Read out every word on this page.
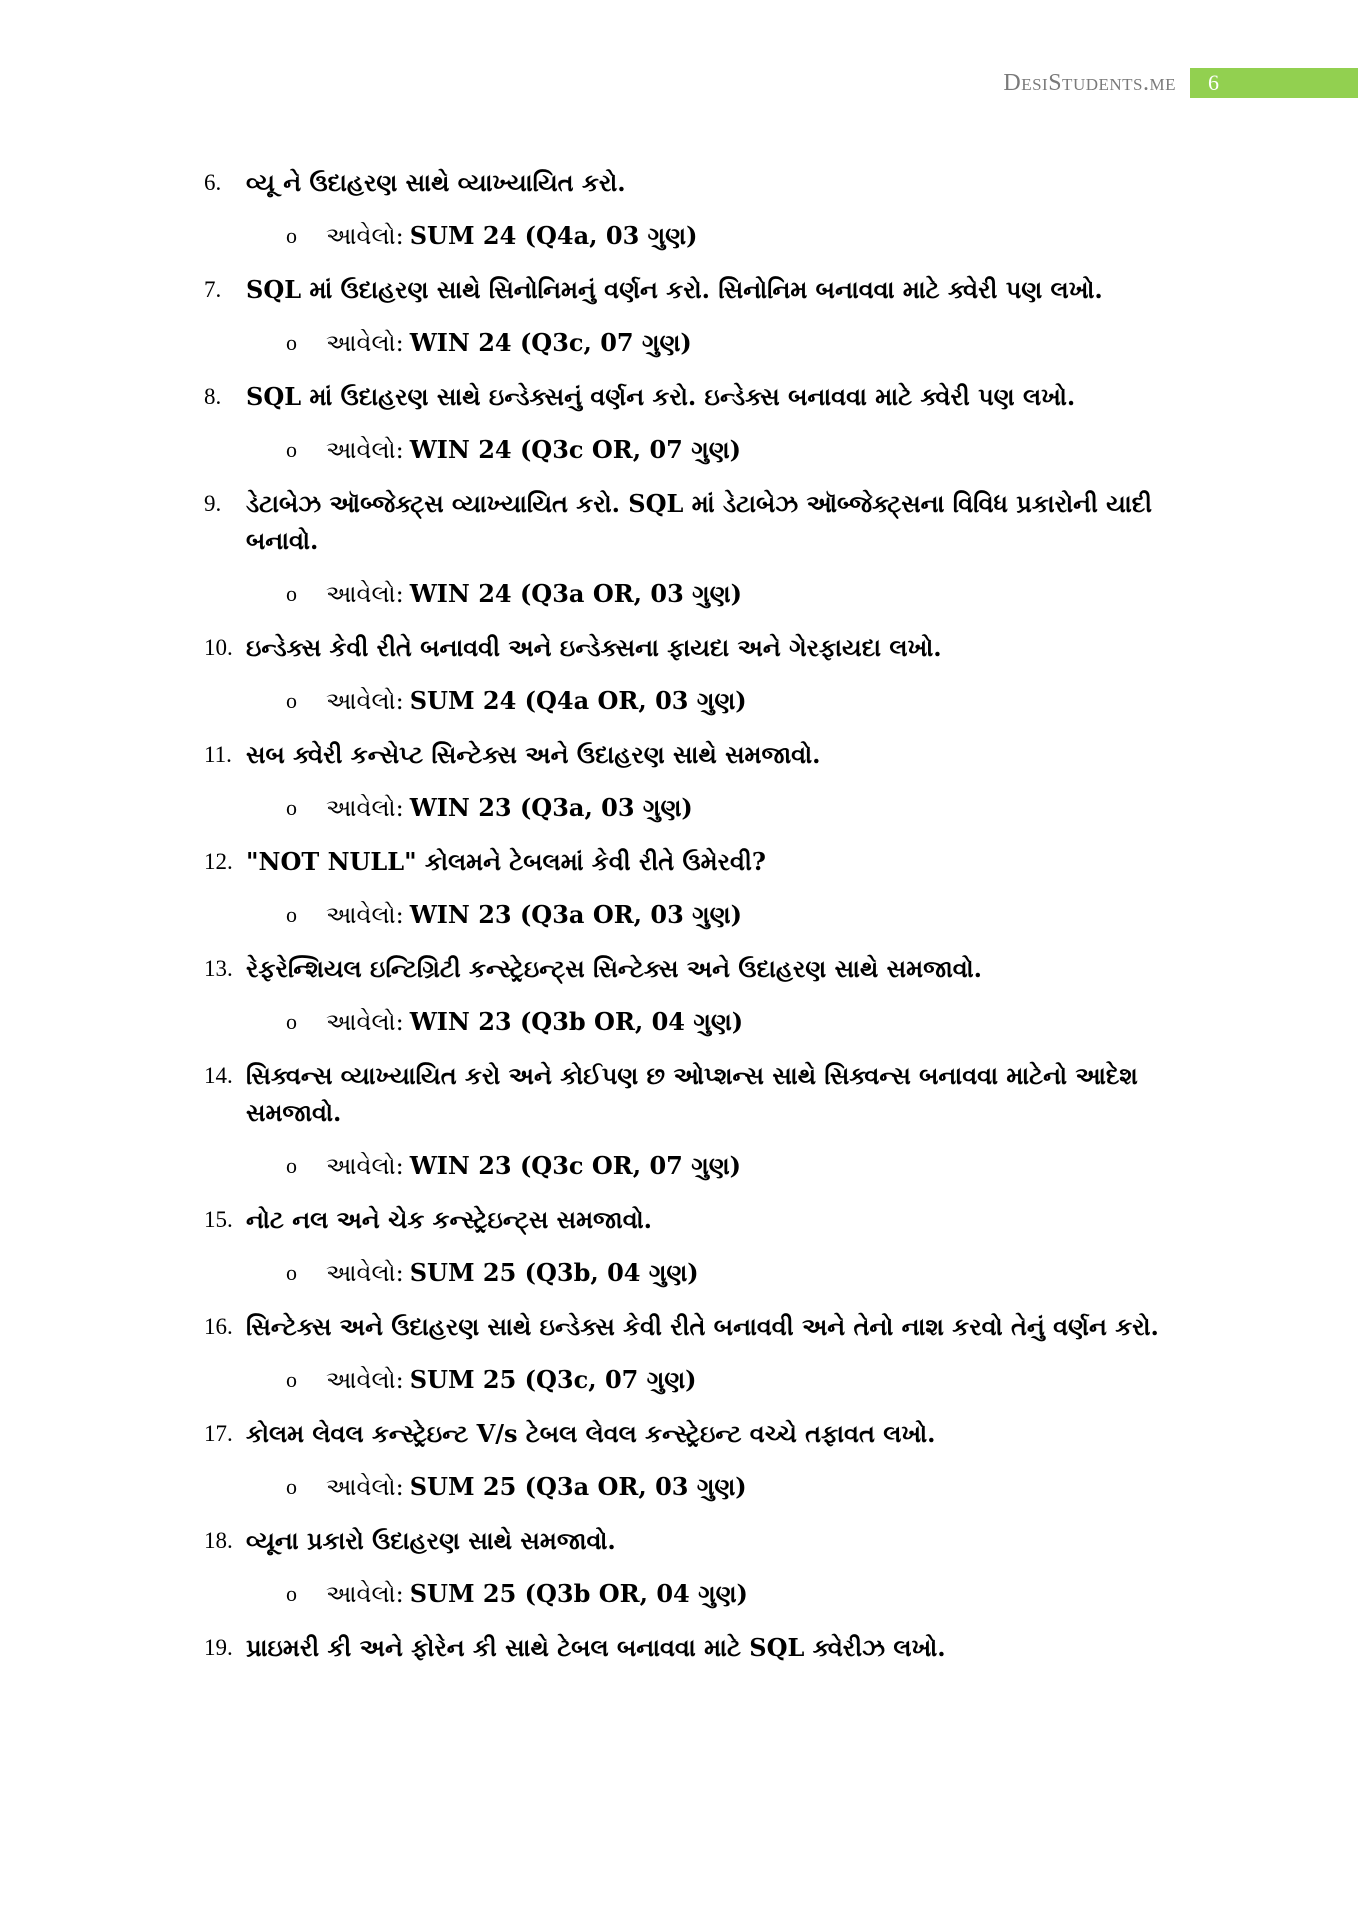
DesiStudents.me	6
6.	વ્યૂ ને ઉદાહરણ સાથે વ્યાખ્યાયિત કરો.
o	આવેલો: SUM 24 (Q4a, 03 ગુણ)
7.	SQL માં ઉદાહરણ સાથે સિનોનિમનું વર્ણન કરો. સિનોનિમ બનાવવા માટે ક્વેરી પણ લખો.
o	આવેલો: WIN 24 (Q3c, 07 ગુણ)
8.	SQL માં ઉદાહરણ સાથે ઇન્ડેક્સનું વર્ણન કરો. ઇન્ડેક્સ બનાવવા માટે ક્વેરી પણ લખો.
o	આવેલો: WIN 24 (Q3c OR, 07 ગુણ)
9.	ડેટાબેઝ ઑબ્જેક્ટ્સ વ્યાખ્યાયિત કરો. SQL માં ડેટાબેઝ ઑબ્જેક્ટ્સના વિવિધ પ્રકારોની યાદી બનાવો.
o	આવેલો: WIN 24 (Q3a OR, 03 ગુણ)
10. ઇન્ડેક્સ કેવી રીતે બનાવવી અને ઇન્ડેક્સના ફાયદા અને ગેરફાયદા લખો.
o	આવેલો: SUM 24 (Q4a OR, 03 ગુણ)
11. સબ ક્વેરી કન્સેપ્ટ સિન્ટેક્સ અને ઉદાહરણ સાથે સમજાવો.
o	આવેલો: WIN 23 (Q3a, 03 ગુણ)
12. "NOT NULL" કોલમને ટેબલમાં કેવી રીતે ઉમેરવી?
o	આવેલો: WIN 23 (Q3a OR, 03 ગુણ)
13. રેફરેન્શિયલ ઇન્ટિગ્રિટી કન્સ્ટ્રેઇન્ટ્સ સિન્ટેક્સ અને ઉદાહરણ સાથે સમજાવો.
o	આવેલો: WIN 23 (Q3b OR, 04 ગુણ)
14. સિક્વન્સ વ્યાખ્યાયિત કરો અને કોઈપણ છ ઓપ્શન્સ સાથે સિક્વન્સ બનાવવા માટેનો આદેશ સમજાવો.
o	આવેલો: WIN 23 (Q3c OR, 07 ગુણ)
15. નોટ નલ અને ચેક કન્સ્ટ્રેઇન્ટ્સ સમજાવો.
o	આવેલો: SUM 25 (Q3b, 04 ગુણ)
16. સિન્ટેક્સ અને ઉદાહરણ સાથે ઇન્ડેક્સ કેવી રીતે બનાવવી અને તેનો નાશ કરવો તેનું વર્ણન કરો.
o	આવેલો: SUM 25 (Q3c, 07 ગુણ)
17. કોલમ લેવલ કન્સ્ટ્રેઇન્ટ V/s ટેબલ લેવલ કન્સ્ટ્રેઇન્ટ વચ્ચે તફાવત લખો.
o	આવેલો: SUM 25 (Q3a OR, 03 ગુણ)
18. વ્યૂના પ્રકારો ઉદાહરણ સાથે સમજાવો.
o	આવેલો: SUM 25 (Q3b OR, 04 ગુણ)
19. પ્રાઇમરી કી અને ફોરેન કી સાથે ટેબલ બનાવવા માટે SQL ક્વેરીઝ લખો.
